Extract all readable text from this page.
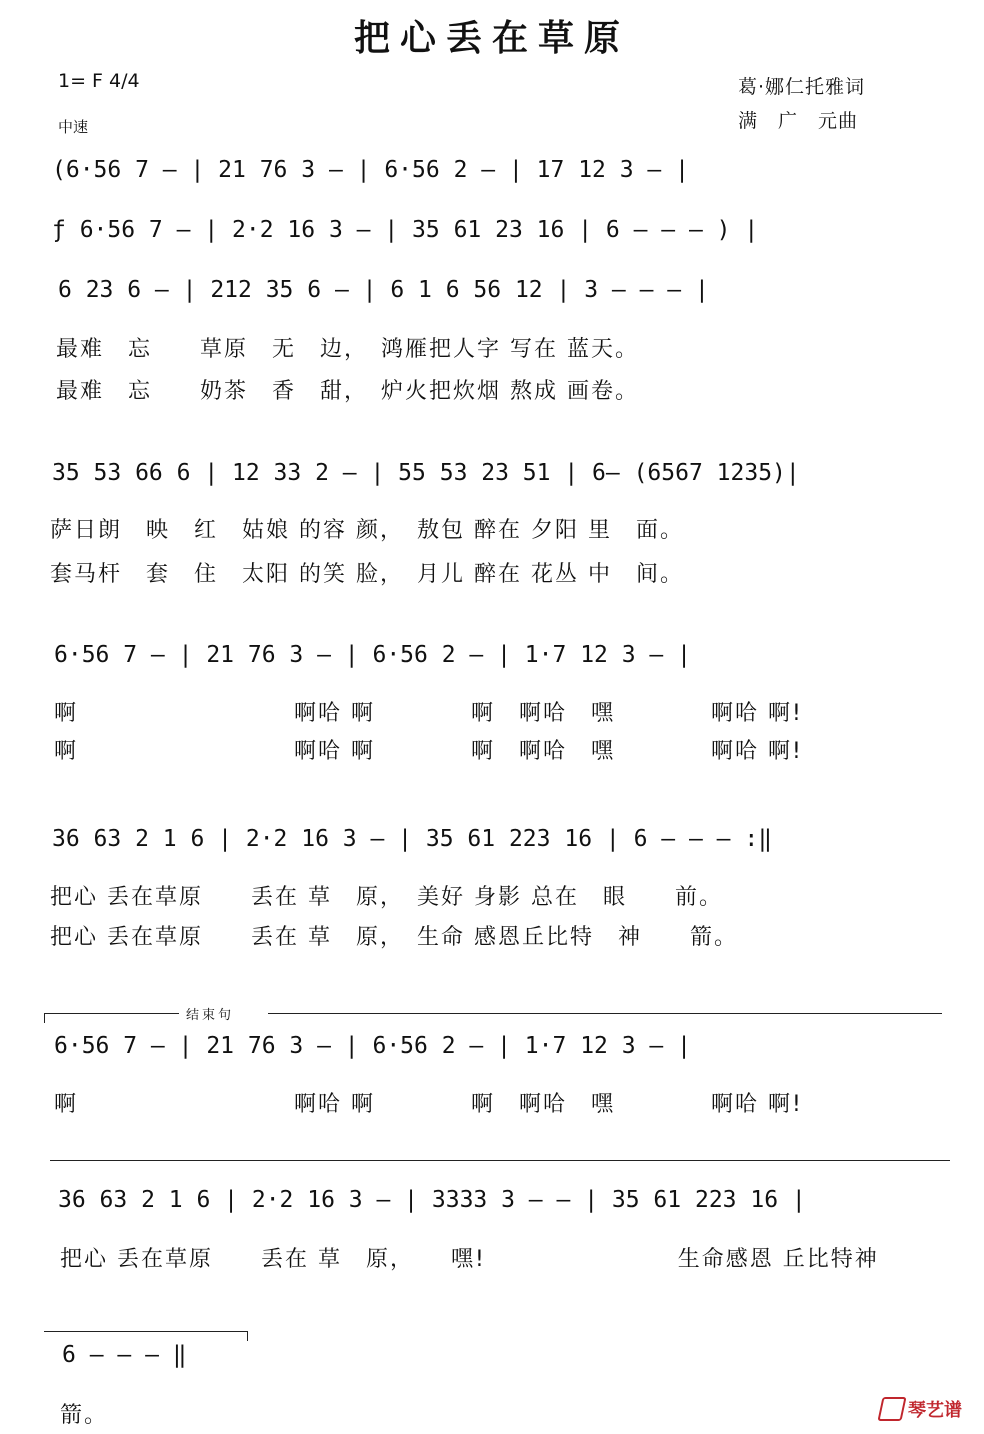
把心丢在草原
1= F 4/4
中速
葛·娜仁托雅词
满　广　元曲
(6·56 7 — | 21 76 3 — | 6·56 2 — | 17 12 3 — |
ƒ 6·56 7 — | 2·2 16 3 — | 35 61 23 16 | 6 — — — ) |
6 23 6 — | 212 35 6 — | 6 1 6 56 12 | 3 — — — |
最难　忘　　草原　无　边，　鸿雁把人字 写在 蓝天。
最难　忘　　奶茶　香　甜，　炉火把炊烟 熬成 画卷。
35 53 66 6 | 12 33 2 — | 55 53 23 51 | 6— (6567 1235)|
萨日朗　映　红　姑娘 的容 颜，　敖包 醉在 夕阳 里　面。
套马杆　套　住　太阳 的笑 脸，　月儿 醉在 花丛 中　间。
6·56 7 — | 21 76 3 — | 6·56 2 — | 1·7 12 3 — |
啊　　　　　　　　　啊哈 啊　　　　啊　啊哈　嘿　　　　啊哈 啊!
啊　　　　　　　　　啊哈 啊　　　　啊　啊哈　嘿　　　　啊哈 啊!
36 63 2 1 6 | 2·2 16 3 — | 35 61 223 16 | 6 — — — :‖
把心 丢在草原　　丢在 草　原，　美好 身影 总在　眼　　前。
把心 丢在草原　　丢在 草　原，　生命 感恩丘比特　神　　箭。
结束句
6·56 7 — | 21 76 3 — | 6·56 2 — | 1·7 12 3 — |
啊　　　　　　　　　啊哈 啊　　　　啊　啊哈　嘿　　　　啊哈 啊!
36 63 2 1 6 | 2·2 16 3 — | 3333 3 — — | 35 61 223 16 |
把心 丢在草原　　丢在 草　原，　　嘿!　　　　　　　　生命感恩 丘比特神
6 — — — ‖
箭。	琴艺谱
